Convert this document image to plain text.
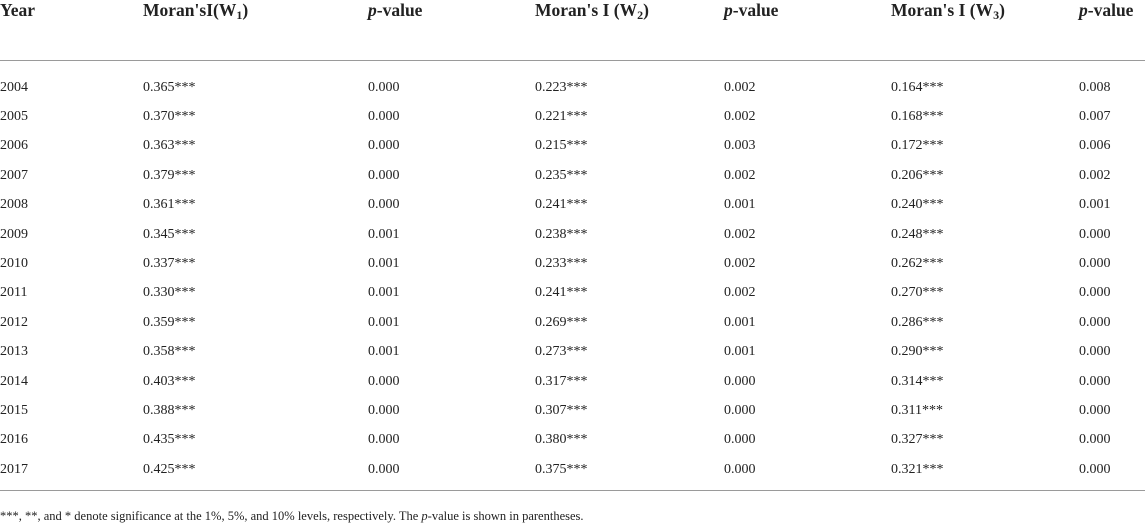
Year	$Moran'sI(W_1)$	p-value	Moran's I $(W_2)$	p-value	Moran's I $(W_3)$	p-value
2004	0.365***	0.000	0.223***	0.002	0.164***	0.008
2005	0.370***	0.000	0.221***	0.002	0.168***	0.007
2006	0.363***	0.000	0.215***	0.003	0.172***	0.006
2007	0.379***	0.000	0.235***	0.002	0.206***	0.002
2008	0.361***	0.000	0.241***	0.001	0.240***	0.001
2009	0.345***	0.001	0.238***	0.002	0.248***	0.000
2010	0.337***	0.001	0.233***	0.002	0.262***	0.000
2011	0.330***	0.001	0.241***	0.002	0.270***	0.000
2012	0.359***	0.001	0.269***	0.001	0.286***	0.000
2013	0.358***	0.001	0.273***	0.001	0.290***	0.000
2014	0.403***	0.000	0.317***	0.000	0.314***	0.000
2015	0.388***	0.000	0.307***	0.000	0.311***	0.000
2016	0.435***	0.000	0.380***	0.000	0.327***	0.000
2017	0.425***	0.000	0.375***	0.000	0.321***	0.000
***, **, and * denote significance at the 1%, 5%, and 10% levels, respectively. The p-value is shown in parentheses.
